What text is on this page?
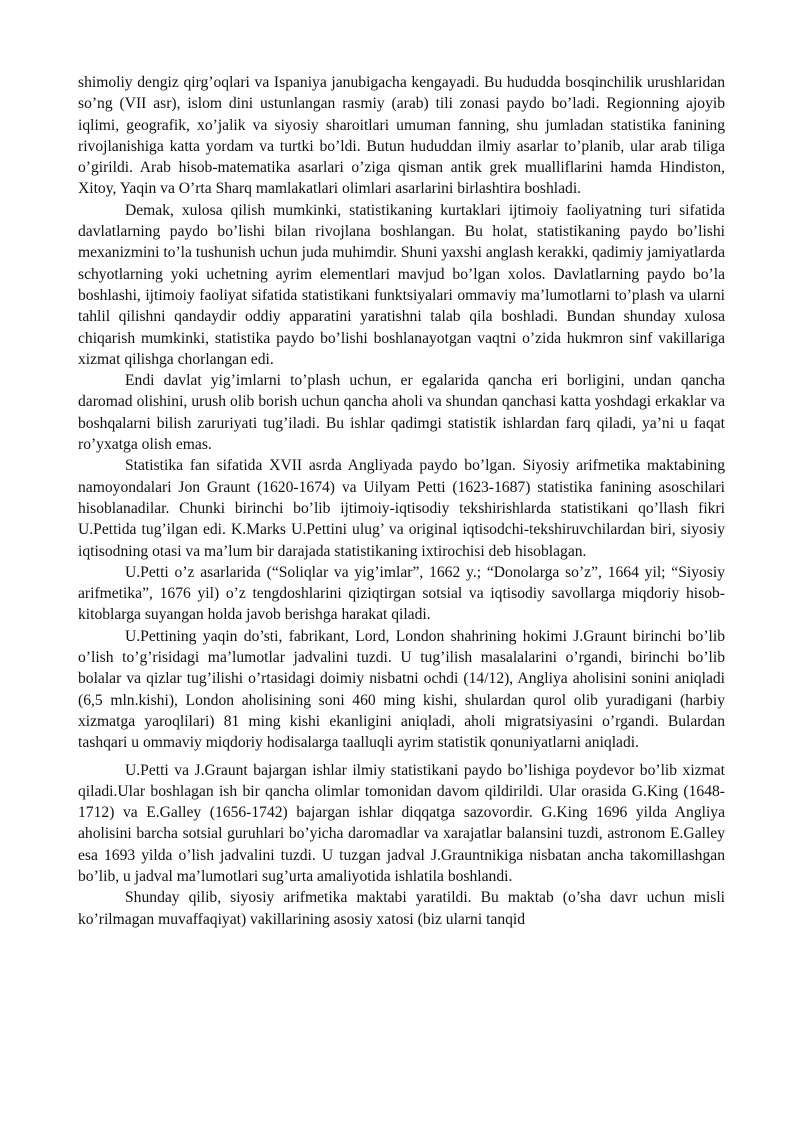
shimoliy dengiz qirg’oqlari va Ispaniya janubigacha kengayadi. Bu hududda bosqinchilik urushlaridan so’ng (VII asr), islom dini ustunlangan rasmiy (arab) tili zonasi paydo bo’ladi. Regionning ajoyib iqlimi, geografik, xo’jalik va siyosiy sharoitlari umuman fanning, shu jumladan statistika fanining rivojlanishiga katta yordam va turtki bo’ldi. Butun hududdan ilmiy asarlar to’planib, ular arab tiliga o’girildi. Arab hisob-matematika asarlari o’ziga qisman antik grek mualliflarini hamda Hindiston, Xitoy, Yaqin va O’rta Sharq mamlakatlari olimlari asarlarini birlashtira boshladi.

Demak, xulosa qilish mumkinki, statistikaning kurtaklari ijtimoiy faoliyatning turi sifatida davlatlarning paydo bo’lishi bilan rivojlana boshlangan. Bu holat, statistikaning paydo bo’lishi mexanizmini to’la tushunish uchun juda muhimdir. Shuni yaxshi anglash kerakki, qadimiy jamiyatlarda schyotlarning yoki uchetning ayrim elementlari mavjud bo’lgan xolos. Davlatlarning paydo bo’la boshlashi, ijtimoiy faoliyat sifatida statistikani funktsiyalari ommaviy ma’lumotlarni to’plash va ularni tahlil qilishni qandaydir oddiy apparatini yaratishni talab qila boshladi. Bundan shunday xulosa chiqarish mumkinki, statistika paydo bo’lishi boshlanayotgan vaqtni o’zida hukmron sinf vakillariga xizmat qilishga chorlangan edi.

Endi davlat yig’imlarni to’plash uchun, er egalarida qancha eri borligini, undan qancha daromad olishini, urush olib borish uchun qancha aholi va shundan qanchasi katta yoshdagi erkaklar va boshqalarni bilish zaruriyati tug’iladi. Bu ishlar qadimgi statistik ishlardan farq qiladi, ya’ni u faqat ro’yxatga olish emas.

Statistika fan sifatida XVII asrda Angliyada paydo bo’lgan. Siyosiy arifmetika maktabining namoyondalari Jon Graunt (1620-1674) va Uilyam Petti (1623-1687) statistika fanining asoschilari hisoblanadilar. Chunki birinchi bo’lib ijtimoiy-iqtisodiy tekshirishlarda statistikani qo’llash fikri U.Pettida tug’ilgan edi. K.Marks U.Pettini ulug’ va original iqtisodchi-tekshiruvchilardan biri, siyosiy iqtisodning otasi va ma’lum bir darajada statistikaning ixtirochisi deb hisoblagan.

U.Petti o’z asarlarida (“Soliqlar va yig’imlar”, 1662 y.; “Donolarga so’z”, 1664 yil; “Siyosiy arifmetika”, 1676 yil) o’z tengdoshlarini qiziqtirgan sotsial va iqtisodiy savollarga miqdoriy hisob-kitoblarga suyangan holda javob berishga harakat qiladi.

U.Pettining yaqin do’sti, fabrikant, Lord, London shahrining hokimi J.Graunt birinchi bo’lib o’lish to’g’risidagi ma’lumotlar jadvalini tuzdi. U tug’ilish masalalarini o’rgandi, birinchi bo’lib bolalar va qizlar tug’ilishi o’rtasidagi doimiy nisbatni ochdi (14/12), Angliya aholisini sonini aniqladi (6,5 mln.kishi), London aholisining soni 460 ming kishi, shulardan qurol olib yuradigani (harbiy xizmatga yaroqlilari) 81 ming kishi ekanligini aniqladi, aholi migratsiyasini o’rgandi. Bulardan tashqari u ommaviy miqdoriy hodisalarga taalluqli ayrim statistik qonuniyatlarni aniqladi.

U.Petti va J.Graunt bajargan ishlar ilmiy statistikani paydo bo’lishiga poydevor bo’lib xizmat qiladi.Ular boshlagan ish bir qancha olimlar tomonidan davom qildirildi. Ular orasida G.King (1648-1712) va E.Galley (1656-1742) bajargan ishlar diqqatga sazovordir. G.King 1696 yilda Angliya aholisini barcha sotsial guruhlari bo’yicha daromadlar va xarajatlar balansini tuzdi, astronom E.Galley esa 1693 yilda o’lish jadvalini tuzdi. U tuzgan jadval J.Grauntnikiga nisbatan ancha takomillashgan bo’lib, u jadval ma’lumotlari sug’urta amaliyotida ishlatila boshlandi.

Shunday qilib, siyosiy arifmetika maktabi yaratildi. Bu maktab (o’sha davr uchun misli ko’rilmagan muvaffaqiyat) vakillarining asosiy xatosi (biz ularni tanqid
